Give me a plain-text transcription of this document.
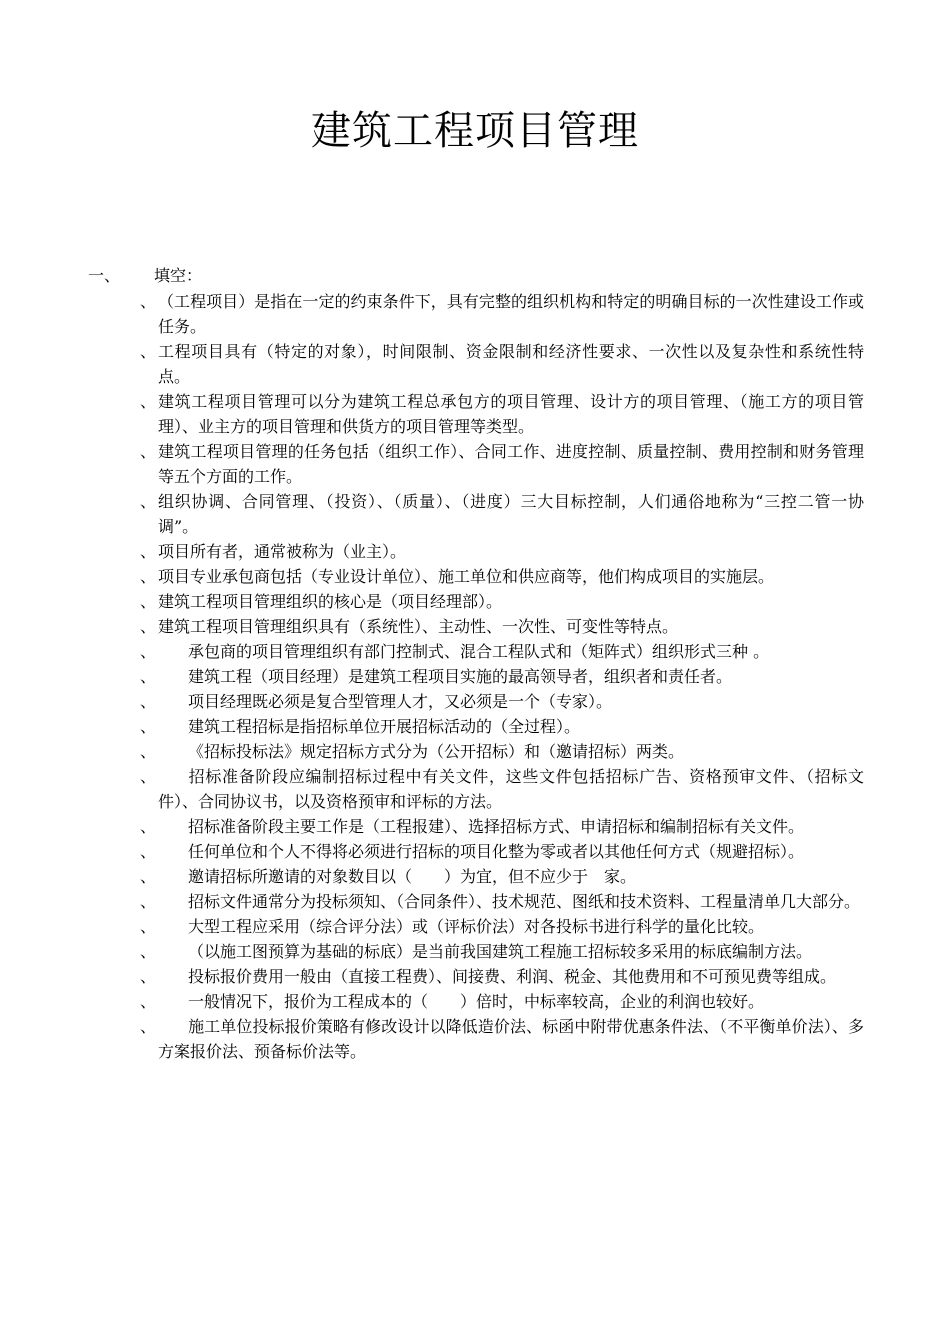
建筑工程项目管理
一、 填空：
、 （工程项目）是指在一定的约束条件下，具有完整的组织机构和特定的明确目标的一次性建设工作或任务。
、 工程项目具有（特定的对象），时间限制、资金限制和经济性要求、一次性以及复杂性和系统性特点。
、 建筑工程项目管理可以分为建筑工程总承包方的项目管理、设计方的项目管理、（施工方的项目管理）、业主方的项目管理和供货方的项目管理等类型。
、 建筑工程项目管理的任务包括（组织工作）、合同工作、进度控制、质量控制、费用控制和财务管理等五个方面的工作。
、 组织协调、合同管理、（投资）、（质量）、（进度）三大目标控制，人们通俗地称为“三控二管一协调”。
、 项目所有者，通常被称为（业主）。
、 项目专业承包商包括（专业设计单位）、施工单位和供应商等，他们构成项目的实施层。
、 建筑工程项目管理组织的核心是（项目经理部）。
、 建筑工程项目管理组织具有（系统性）、主动性、一次性、可变性等特点。
、	承包商的项目管理组织有部门控制式、混合工程队式和（矩阵式）组织形式三种 。
、	建筑工程（项目经理）是建筑工程项目实施的最高领导者，组织者和责任者。
、	项目经理既必须是复合型管理人才，又必须是一个（专家）。
、	建筑工程招标是指招标单位开展招标活动的（全过程）。
、	《招标投标法》规定招标方式分为（公开招标）和（邀请招标）两类。
、	招标准备阶段应编制招标过程中有关文件，这些文件包括招标广告、资格预审文件、（招标文件）、合同协议书，以及资格预审和评标的方法。
、	招标准备阶段主要工作是（工程报建）、选择招标方式、申请招标和编制招标有关文件。
、	任何单位和个人不得将必须进行招标的项目化整为零或者以其他任何方式（规避招标）。
、	邀请招标所邀请的对象数目以（　　）为宜，但不应少于　家。
、	招标文件通常分为投标须知、（合同条件）、技术规范、图纸和技术资料、工程量清单几大部分。
、	大型工程应采用（综合评分法）或（评标价法）对各投标书进行科学的量化比较。
、	（以施工图预算为基础的标底）是当前我国建筑工程施工招标较多采用的标底编制方法。
、	投标报价费用一般由（直接工程费）、间接费、利润、税金、其他费用和不可预见费等组成。
、	一般情况下，报价为工程成本的（　　）倍时，中标率较高，企业的利润也较好。
、	施工单位投标报价策略有修改设计以降低造价法、标函中附带优惠条件法、（不平衡单价法）、多方案报价法、预备标价法等。
